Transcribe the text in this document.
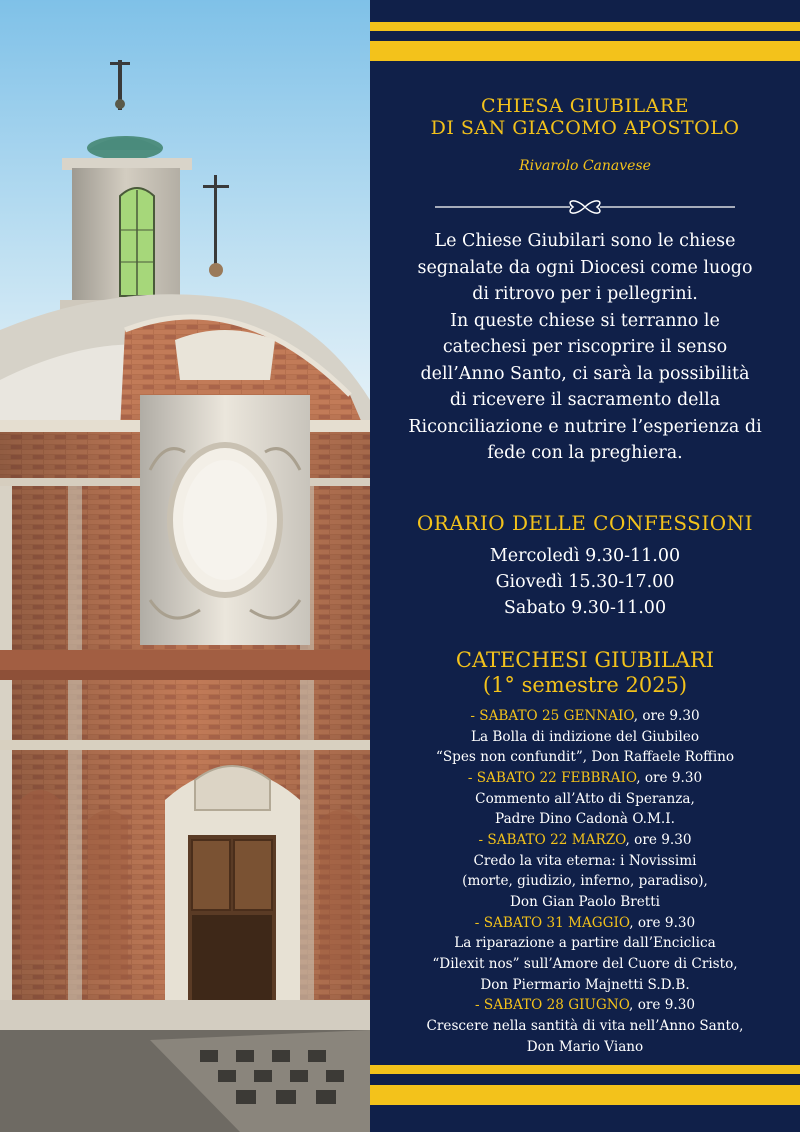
CHIESA GIUBILARE
DI SAN GIACOMO APOSTOLO
Rivarolo Canavese
Le Chiese Giubilari sono le chiese
segnalate da ogni Diocesi come luogo
di ritrovo per i pellegrini.
In queste chiese si terranno le
catechesi per riscoprire il senso
dell’Anno Santo, ci sarà la possibilità
di ricevere il sacramento della
Riconciliazione e nutrire l’esperienza di
fede con la preghiera.
ORARIO DELLE CONFESSIONI
Mercoledì 9.30-11.00
Giovedì 15.30-17.00
Sabato 9.30-11.00
CATECHESI GIUBILARI
(1° semestre 2025)
- SABATO 25 GENNAIO, ore 9.30
La Bolla di indizione del Giubileo
“Spes non confundit”, Don Raffaele Roffino
- SABATO 22 FEBBRAIO, ore 9.30
Commento all’Atto di Speranza,
Padre Dino Cadonà O.M.I.
- SABATO 22 MARZO, ore 9.30
Credo la vita eterna: i Novissimi
(morte, giudizio, inferno, paradiso),
Don Gian Paolo Bretti
- SABATO 31 MAGGIO, ore 9.30
La riparazione a partire dall’Enciclica
“Dilexit nos” sull’Amore del Cuore di Cristo,
Don Piermario Majnetti S.D.B.
- SABATO 28 GIUGNO, ore 9.30
Crescere nella santità di vita nell’Anno Santo,
Don Mario Viano
